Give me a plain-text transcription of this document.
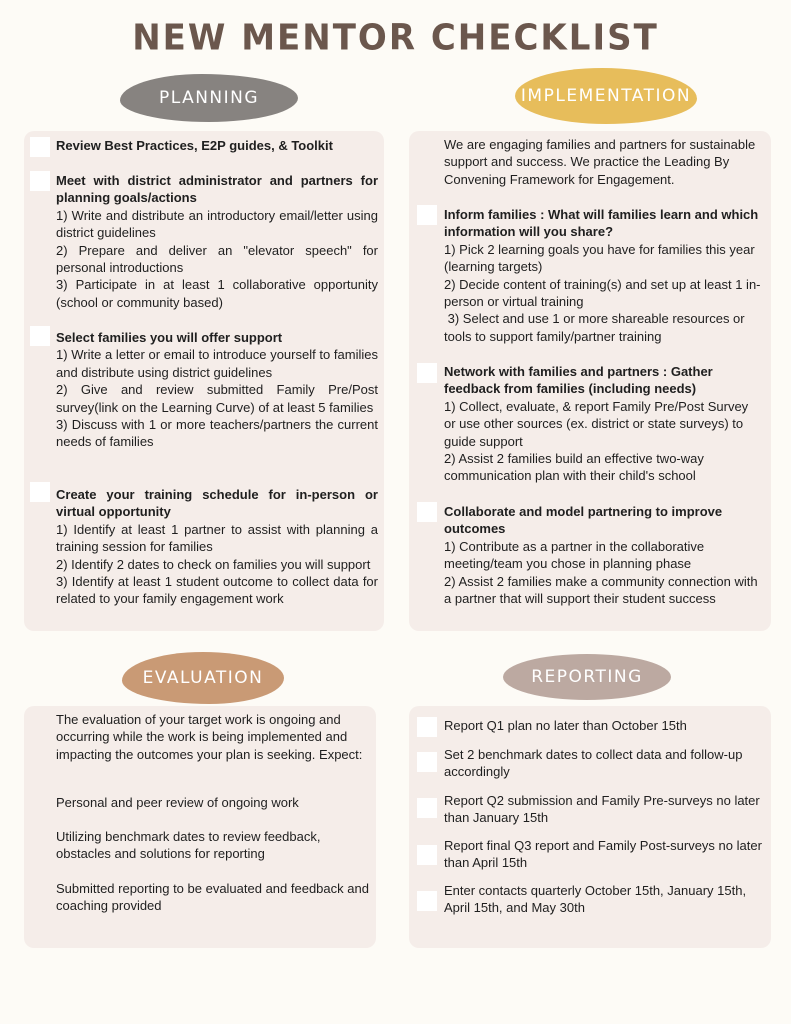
NEW MENTOR CHECKLIST
PLANNING	IMPLEMENTATION
EVALUATION	REPORTING
Review Best Practices, E2P guides, & Toolkit
Meet with district administrator and partners for planning goals/actions
1) Write and distribute an introductory email/letter using district guidelines
2) Prepare and deliver an "elevator speech" for personal introductions
3) Participate in at least 1 collaborative opportunity (school or community based)
Select families you will offer support
1) Write a letter or email to introduce yourself to families and distribute using district guidelines
2) Give and review submitted Family Pre/Post survey(link on the Learning Curve) of at least 5 families
3) Discuss with 1 or more teachers/partners the current needs of families
Create your training schedule for in-person or virtual opportunity
1) Identify at least 1 partner to assist with planning a training session for families
2) Identify 2 dates to check on families you will support
3) Identify at least 1 student outcome to collect data for related to your family engagement work
We are engaging families and partners for sustainable support and success. We practice the Leading By Convening Framework for Engagement.
Inform families : What will families learn and which information will you share?
1) Pick 2 learning goals you have for families this year (learning targets)
2) Decide content of training(s) and set up at least 1 in-person or virtual training
3) Select and use 1 or more shareable resources or tools to support family/partner training
Network with families and partners : Gather feedback from families (including needs)
1) Collect, evaluate, & report Family Pre/Post Survey or use other sources (ex. district or state surveys) to guide support
2) Assist 2 families build an effective two-way communication plan with their child's school
Collaborate and model partnering to improve outcomes
1) Contribute as a partner in the collaborative meeting/team you chose in planning phase
2) Assist 2 families make a community connection with a partner that will support their student success
The evaluation of your target work is ongoing and occurring while the work is being implemented and impacting the outcomes your plan is seeking. Expect:
Personal and peer review of ongoing work
Utilizing benchmark dates to review feedback, obstacles and solutions for reporting
Submitted reporting to be evaluated and feedback and coaching provided
Report Q1 plan no later than October 15th
Set 2 benchmark dates to collect data and follow-up accordingly
Report Q2 submission and Family Pre-surveys no later than January 15th
Report final Q3 report and Family Post-surveys no later than April 15th
Enter contacts quarterly October 15th, January 15th, April 15th, and May 30th
